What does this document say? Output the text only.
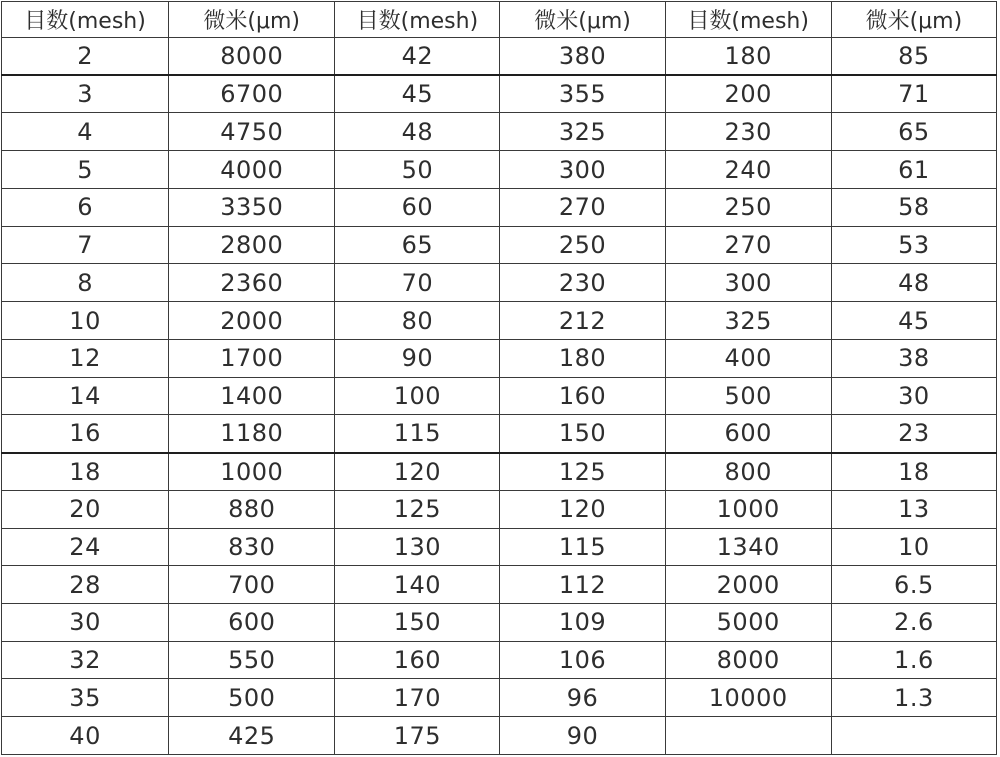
目数(mesh)	微米(μm)	目数(mesh)	微米(μm)	目数(mesh)	微米(μm)
2	8000	42	380	180	85
3	6700	45	355	200	71
4	4750	48	325	230	65
5	4000	50	300	240	61
6	3350	60	270	250	58
7	2800	65	250	270	53
8	2360	70	230	300	48
10	2000	80	212	325	45
12	1700	90	180	400	38
14	1400	100	160	500	30
16	1180	115	150	600	23
18	1000	120	125	800	18
20	880	125	120	1000	13
24	830	130	115	1340	10
28	700	140	112	2000	6.5
30	600	150	109	5000	2.6
32	550	160	106	8000	1.6
35	500	170	96	10000	1.3
40	425	175	90		
